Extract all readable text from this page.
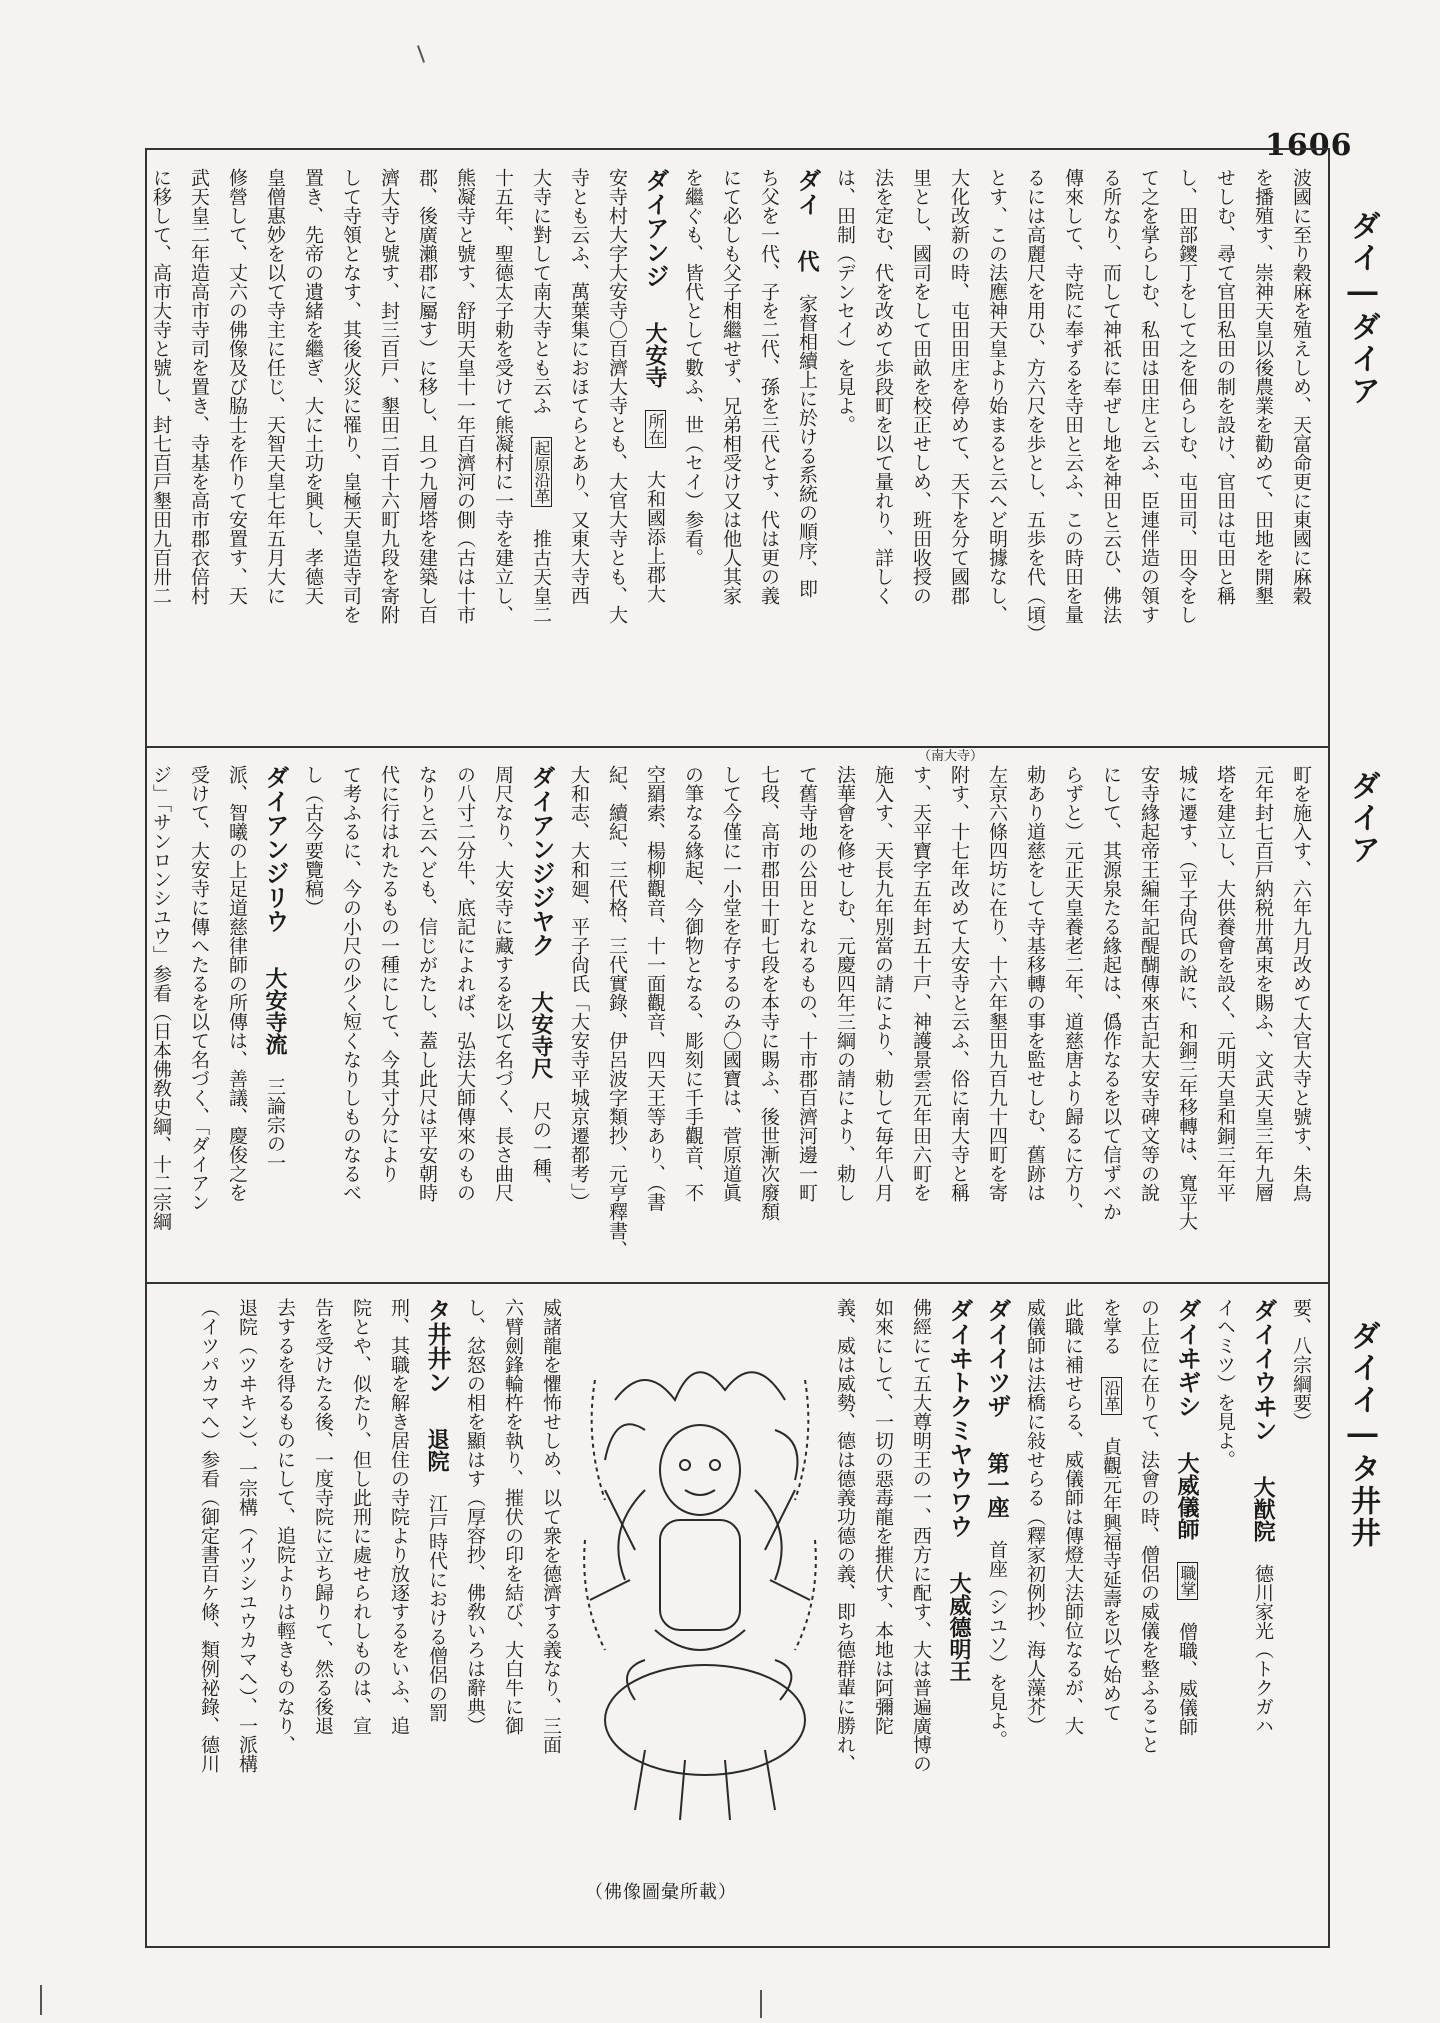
1606
ダイ―ダイア
ダイア
ダイイ―タ井井

波國に至り穀麻を殖えしめ、天富命更に東國に麻穀

を播殖す、崇神天皇以後農業を勸めて、田地を開墾

せしむ、尋て官田私田の制を設け、官田は屯田と稱

し、田部鑁丁をして之を佃らしむ、屯田司、田令をし

て之を掌らしむ、私田は田庄と云ふ、臣連伴造の領す

る所なり、而して神祇に奉ぜし地を神田と云ひ、佛法

傳來して、寺院に奉ずるを寺田と云ふ、この時田を量

るには高麗尺を用ひ、方六尺を歩とし、五歩を代（頃）

とす、この法應神天皇より始まると云へど明據なし、

大化改新の時、屯田田庄を停めて、天下を分て國郡

里とし、國司をして田畝を校正せしめ、班田收授の

法を定む、代を改めて歩段町を以て量れり、詳しく

は、田制（デンセイ）を見よ。

ダイ 代 家督相續上に於ける系統の順序、即

ち父を一代、子を二代、孫を三代とす、代は更の義

にて必しも父子相繼せず、兄弟相受け又は他人其家

を繼ぐも、皆代として數ふ、世（セイ）参看。

ダイアンジ 大安寺 所在 大和國添上郡大

安寺村大字大安寺〇百濟大寺とも、大官大寺とも、大

寺とも云ふ、萬葉集におほてらとあり、又東大寺西

大寺に對して南大寺とも云ふ 起原沿革 推古天皇二

十五年、聖德太子勅を受けて熊凝村に一寺を建立し、

熊凝寺と號す、舒明天皇十一年百濟河の側（古は十市

郡、後廣瀨郡に屬す）に移し、且つ九層塔を建築し百

濟大寺と號す、封三百戸、墾田二百十六町九段を寄附

して寺領となす、其後火災に罹り、皇極天皇造寺司を

置き、先帝の遺緒を繼ぎ、大に土功を興し、孝德天

皇僧惠妙を以て寺主に任じ、天智天皇七年五月大に

修營して、丈六の佛像及び脇士を作りて安置す、天

武天皇二年造高市寺司を置き、寺基を高市郡衣倍村

に移して、高市大寺と號し、封七百戸墾田九百卅二

（南大寺）

町を施入す、六年九月改めて大官大寺と號す、朱鳥

元年封七百戸納税卅萬束を賜ふ、文武天皇三年九層

塔を建立し、大供養會を設く、元明天皇和銅三年平

城に遷す、（平子尙氏の說に、和銅三年移轉は、寬平大

安寺緣起帝王編年記醍醐傳來古記大安寺碑文等の說

にして、其源泉たる緣起は、僞作なるを以て信ずべか

らずと）元正天皇養老二年、道慈唐より歸るに方り、

勅あり道慈をして寺基移轉の事を監せしむ、舊跡は

左京六條四坊に在り、十六年墾田九百九十四町を寄

附す、十七年改めて大安寺と云ふ、俗に南大寺と稱

す、天平寶字五年封五十戸、神護景雲元年田六町を

施入す、天長九年別當の請により、勅して毎年八月

法華會を修せしむ、元慶四年三綱の請により、勅し

て舊寺地の公田となれるもの、十市郡百濟河邊一町

七段、高市郡田十町七段を本寺に賜ふ、後世漸次廢頽

して今僅に一小堂を存するのみ〇國寶は、菅原道眞

の筆なる緣起、今御物となる、彫刻に千手觀音、不

空羂索、楊柳觀音、十一面觀音、四天王等あり、（書

紀、續紀、三代格、三代實錄、伊呂波字類抄、元亨釋書、

大和志、大和廻、平子尙氏「大安寺平城京遷都考」）

ダイアンジジヤク 大安寺尺 尺の一種、

周尺なり、大安寺に藏するを以て名づく、長さ曲尺

の八寸二分牛、底記によれば、弘法大師傳來のもの

なりと云へども、信じがたし、蓋し此尺は平安朝時

代に行はれたるもの一種にして、今其寸分により

て考ふるに、今の小尺の少く短くなりしものなるべ

し（古今要覽稿）

ダイアンジリウ 大安寺流 三論宗の一

派、智曦の上足道慈律師の所傳は、善議、慶俊之を

受けて、大安寺に傳へたるを以て名づく、「ダイアン

ジ」「サンロンシユウ」参看（日本佛敎史綱、十二宗綱

要、八宗綱要）

ダイイウヰン 大猷院 德川家光（トクガハ

イヘミツ）を見よ。

ダイヰギシ 大威儀師 職掌 僧職、威儀師

の上位に在りて、法會の時、僧侶の威儀を整ふること

を掌る 沿革 貞觀元年興福寺延壽を以て始めて

此職に補せらる、威儀師は傳燈大法師位なるが、大

威儀師は法橋に敍せらる（釋家初例抄、海人藻芥）

ダイイツザ 第一座 首座（シユソ）を見よ。

ダイヰトクミヤウワウ 大威德明王

佛經にて五大尊明王の一、西方に配す、大は普遍廣博の

如來にして、一切の惡毒龍を摧伏す、本地は阿彌陀

義、威は威勢、德は德義功德の義、即ち德群輩に勝れ、

（佛像圖彙所載）

威諸龍を懼怖せしめ、以て衆を德濟する義なり、三面

六臂劍鋒輪杵を執り、摧伏の印を結び、大白牛に御

し、忿怒の相を顯はす（厚容抄、佛敎いろは辭典）

タ井井ン 退院 江戸時代における僧侶の罰

刑、其職を解き居住の寺院より放逐するをいふ、追

院とや、似たり、但し此刑に處せられしものは、宣

告を受けたる後、一度寺院に立ち歸りて、然る後退

去するを得るものにして、追院よりは輕きものなり、

退院（ツヰキン）、一宗構（イツシユウカマへ）、一派構

（イツパカマへ）参看（御定書百ケ條、類例祕錄、德川
